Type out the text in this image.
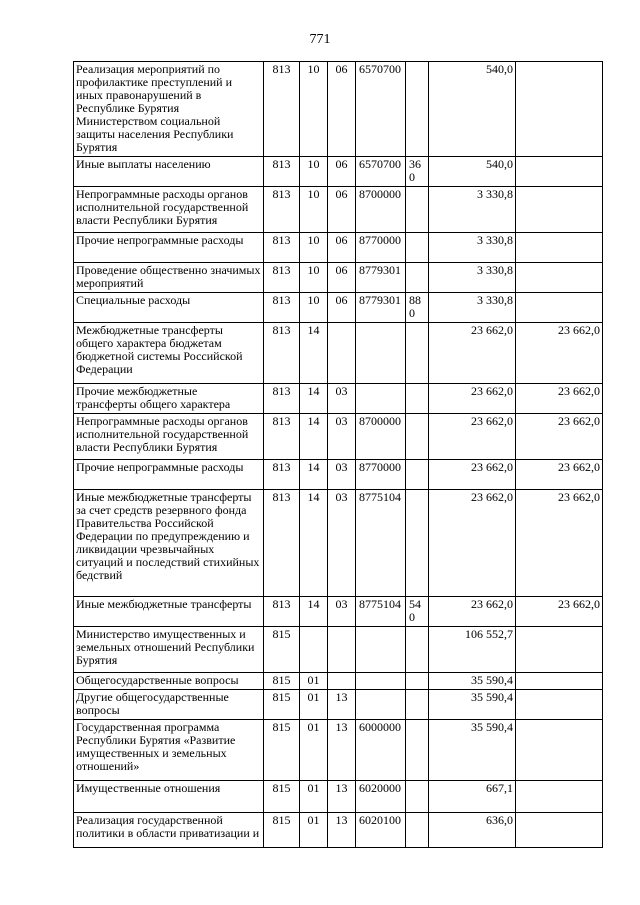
771
Реализация мероприятий по профилактике преступлений и иных правонарушений в Республике Бурятия Министерством социальной защиты населения Республики Бурятия	813	10	06	6570700		540,0	
Иные выплаты населению	813	10	06	6570700	360	540,0	
Непрограммные расходы органов исполнительной государственной власти Республики Бурятия	813	10	06	8700000		3 330,8	
Прочие непрограммные расходы	813	10	06	8770000		3 330,8	
Проведение общественно значимых мероприятий	813	10	06	8779301		3 330,8	
Специальные расходы	813	10	06	8779301	880	3 330,8	
Межбюджетные трансферты общего характера бюджетам бюджетной системы Российской Федерации	813	14				23 662,0	23 662,0
Прочие межбюджетные трансферты общего характера	813	14	03			23 662,0	23 662,0
Непрограммные расходы органов исполнительной государственной власти Республики Бурятия	813	14	03	8700000		23 662,0	23 662,0
Прочие непрограммные расходы	813	14	03	8770000		23 662,0	23 662,0
Иные межбюджетные трансферты за счет средств резервного фонда Правительства Российской Федерации по предупреждению и ликвидации чрезвычайных ситуаций и последствий стихийных бедствий	813	14	03	8775104		23 662,0	23 662,0
Иные межбюджетные трансферты	813	14	03	8775104	540	23 662,0	23 662,0
Министерство имущественных и земельных отношений Республики Бурятия	815					106 552,7	
Общегосударственные вопросы	815	01				35 590,4	
Другие общегосударственные вопросы	815	01	13			35 590,4	
Государственная программа Республики Бурятия «Развитие имущественных и земельных отношений»	815	01	13	6000000		35 590,4	
Имущественные отношения	815	01	13	6020000		667,1	
Реализация государственной политики в области приватизации и	815	01	13	6020100		636,0	
